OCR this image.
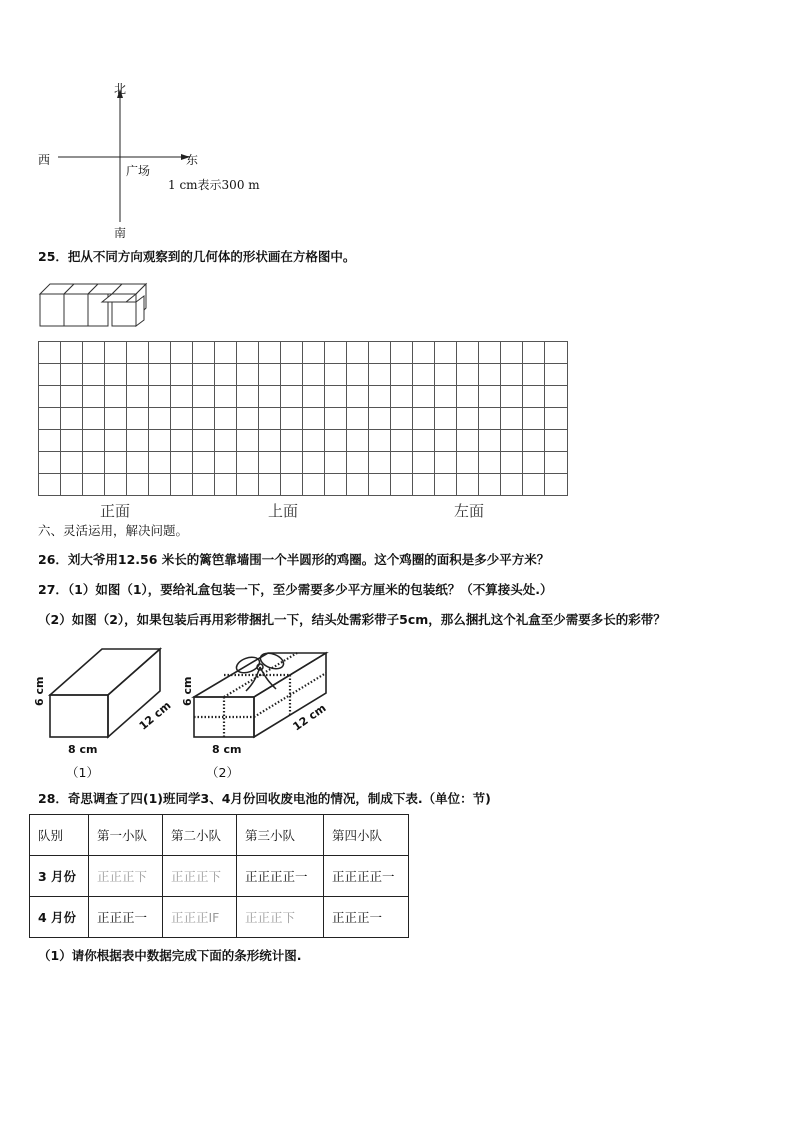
北
南
西	东
广场
1 cm表示300 m
25．把从不同方向观察到的几何体的形状画在方格图中。
正面	上面	左面
六、灵活运用，解决问题。
26．刘大爷用12.56 米长的篱笆靠墙围一个半圆形的鸡圈。这个鸡圈的面积是多少平方米？
27．（1）如图（1），要给礼盒包装一下，至少需要多少平方厘米的包装纸？（不算接头处.）
（2）如图（2），如果包装后再用彩带捆扎一下，结头处需彩带子5cm，那么捆扎这个礼盒至少需要多长的彩带？
6 cm
8 cm
12 cm
（1）
6 cm
8 cm
12 cm
（2）
28．奇思调查了四(1)班同学3、4月份回收废电池的情况，制成下表.（单位：节)
队别	第一小队	第二小队	第三小队	第四小队
3 月份	正正正下	正正正下	正正正正一	正正正正一
4 月份	正正正一	正正正IF	正正正下	正正正一
（1）请你根据表中数据完成下面的条形统计图.
